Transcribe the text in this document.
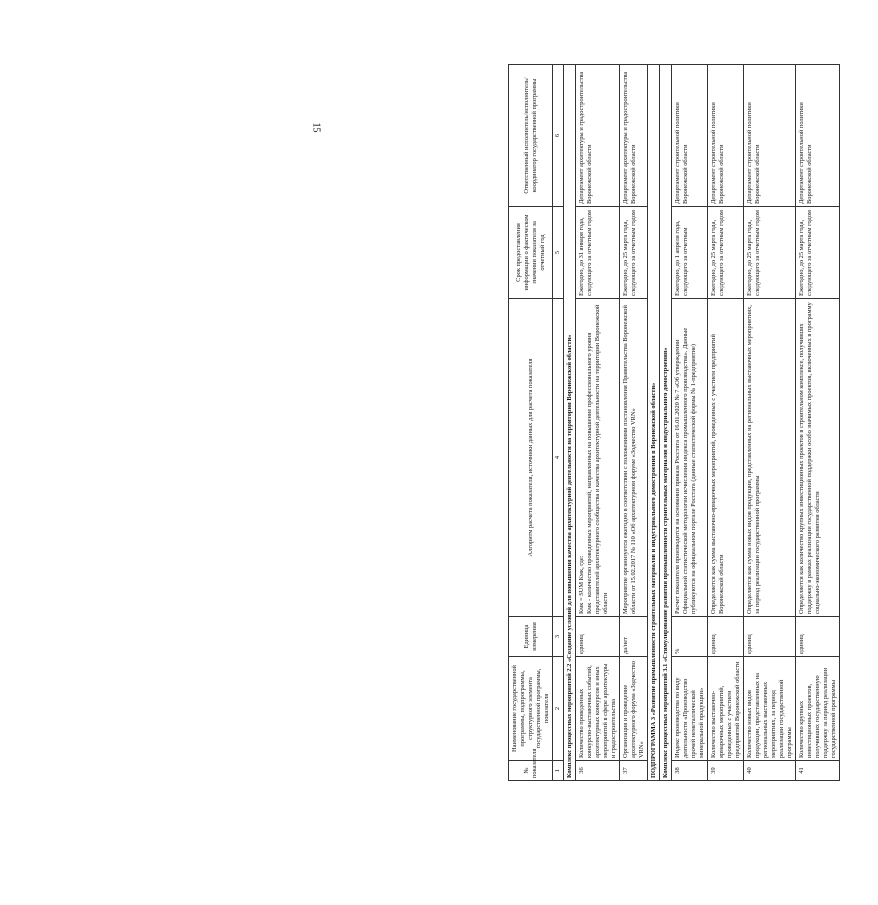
15
№ показателя	Наименование государственной программы, подпрограммы, структурного элемента государственной программы, показателя	Единица измерения	Алгоритм расчета показателя, источники данных для расчета показателя	Срок предоставления информации о фактическом значении показателя за отчетный год	Ответственный исполнитель/исполнитель/ координатор государственной программы
1	2	3	4	5	6
Комплекс процессных мероприятий 2.2 «Создание условий для повышения качества архитектурной деятельности на территории Воронежской области»					
36	Количество проведенных конкурсно-выставочных событий, архитектурных конкурсов и иных мероприятий в сфере архитектуры и градостроительства	единиц	Кмк = SUM Кмк, где:
Кмк - количество проведенных мероприятий, направленных на повышение профессионального уровня представителей архитектурного сообщества и качества архитектурной деятельности на территории Воронежской области	Ежегодно, до 31 января года, следующего за отчетным годом	Департамент архитектуры и градостроительства Воронежской области
37	Организация и проведение архитектурного форума «Зодчество VRN»	да/нет	Мероприятие организуется ежегодно в соответствии с положениями постановления Правительства Воронежской области от 15.02.2017 № 110 «Об архитектурном форуме «Зодчество VRN»	Ежегодно, до 25 марта года, следующего за отчетным годом	Департамент архитектуры и градостроительства Воронежской области
ПОДПРОГРАММА 3 «Развитие промышленности строительных материалов и индустриального домостроения в Воронежской области»					
Комплекс процессных мероприятий 3.1 «Стимулирование развития промышленности строительных материалов и индустриального домостроения»					
38	Индекс производства по виду деятельности «Производство прочей неметаллической минеральной продукции»	%	Расчет показателя производится на основании приказа Росстата от 16.01.2020 № 7 «Об утверждении Официальной статистической методологии исчисления индекса промышленного производства». Данные публикуются на официальном портале Росстата (данные статистической формы № 1-предприятие)	Ежегодно, до 1 апреля года, следующего за отчетным	Департамент строительной политики Воронежской области
39	Количество выставочно-ярмарочных мероприятий, проведенных с участием предприятий Воронежской области	единиц	Определяется как сумма выставочно-ярмарочных мероприятий, проведенных с участием предприятий Воронежской области	Ежегодно, до 25 марта года, следующего за отчетным годом	Департамент строительной политики Воронежской области
40	Количество новых видов продукции, представленных на региональных выставочных мероприятиях, за период реализации государственной программы	единиц	Определяется как сумма новых видов продукции, представленных на региональных выставочных мероприятиях, за период реализации государственной программы	Ежегодно, до 25 марта года, следующего за отчетным годом	Департамент строительной политики Воронежской области
41	Количество крупных инвестиционных проектов, получивших государственную поддержку за период реализации государственной программы	единиц	Определяется как количество крупных инвестиционных проектов в строительном комплексе, получивших поддержку в рамках реализации государственной поддержки особо значимых проектов, включенных в программу социально-экономического развития области	Ежегодно, до 25 марта года, следующего за отчетным годом	Департамент строительной политики Воронежской области
